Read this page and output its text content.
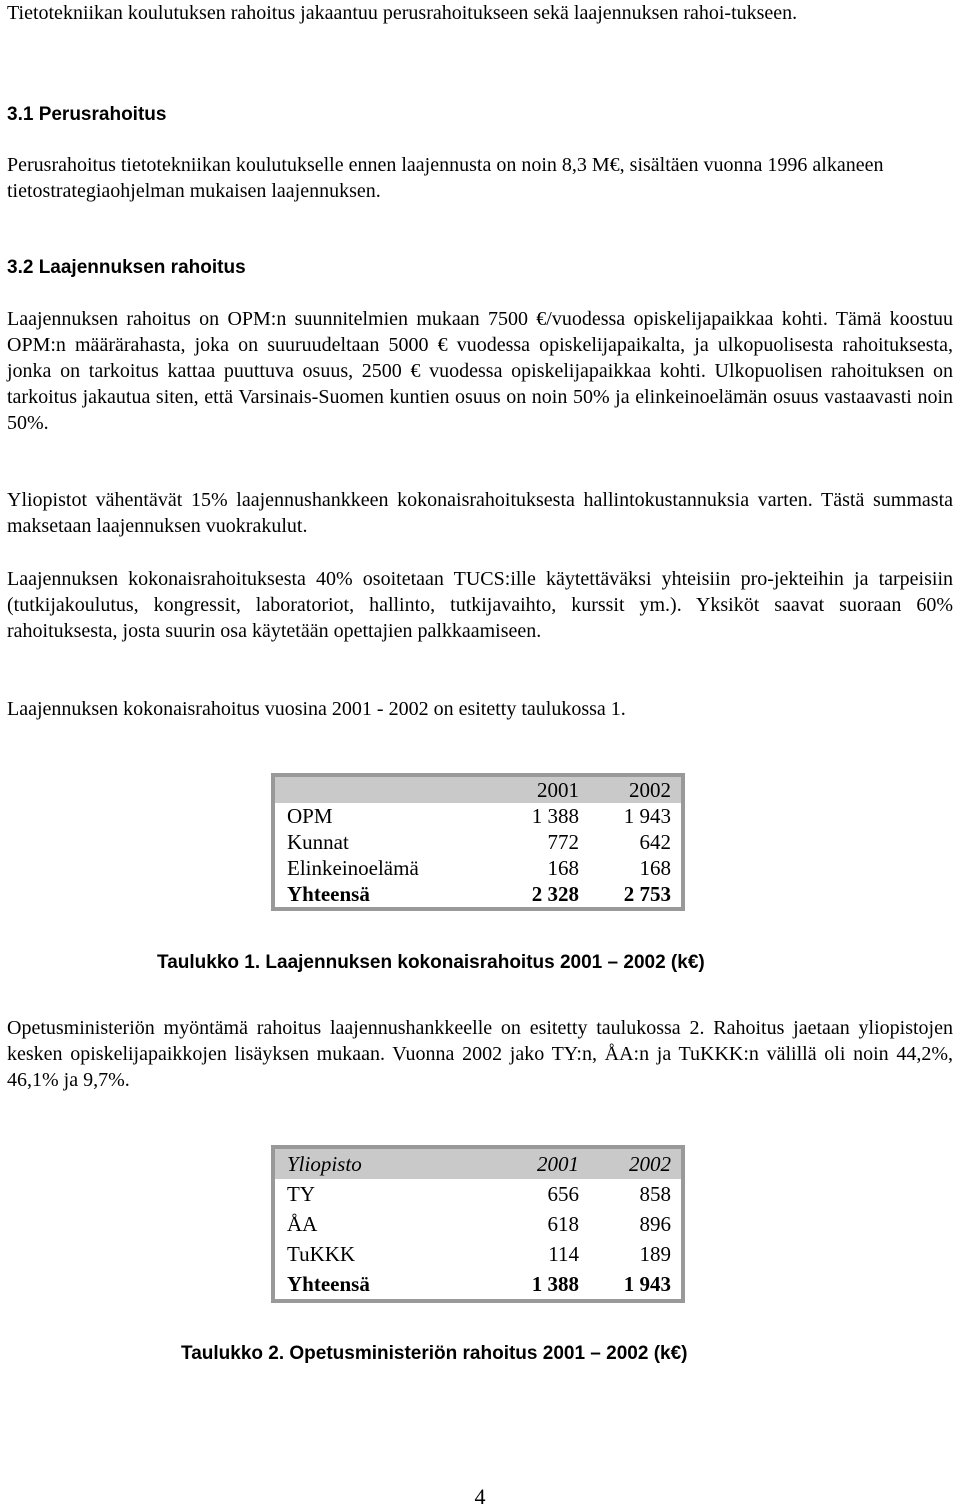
Tietotekniikan koulutuksen rahoitus jakaantuu perusrahoitukseen sekä laajennuksen rahoi-tukseen.

3.1 Perusrahoitus

Perusrahoitus tietotekniikan koulutukselle ennen laajennusta on noin 8,3 M€, sisältäen vuonna 1996 alkaneen tietostrategiaohjelman mukaisen laajennuksen.

3.2 Laajennuksen rahoitus

Laajennuksen rahoitus on OPM:n suunnitelmien mukaan 7500 €/vuodessa opiskelijapaikkaa kohti. Tämä koostuu OPM:n määrärahasta, joka on suuruudeltaan 5000 € vuodessa opiskelijapaikalta, ja ulkopuolisesta rahoituksesta, jonka on tarkoitus kattaa puuttuva osuus, 2500 € vuodessa opiskelijapaikkaa kohti. Ulkopuolisen rahoituksen on tarkoitus jakautua siten, että Varsinais-Suomen kuntien osuus on noin 50% ja elinkeinoelämän osuus vastaavasti noin 50%.

Yliopistot vähentävät 15% laajennushankkeen kokonaisrahoituksesta hallintokustannuksia varten. Tästä summasta maksetaan laajennuksen vuokrakulut.

Laajennuksen kokonaisrahoituksesta 40% osoitetaan TUCS:ille käytettäväksi yhteisiin pro-jekteihin ja tarpeisiin (tutkijakoulutus, kongressit, laboratoriot, hallinto, tutkijavaihto, kurssit ym.). Yksiköt saavat suoraan 60% rahoituksesta, josta suurin osa käytetään opettajien palkkaamiseen.

Laajennuksen kokonaisrahoitus vuosina 2001 - 2002 on esitetty taulukossa 1.

	2001	2002
OPM	1 388	1 943
Kunnat	772	642
Elinkeinoelämä	168	168
Yhteensä	2 328	2 753

Taulukko 1. Laajennuksen kokonaisrahoitus 2001 – 2002 (k€)

Opetusministeriön myöntämä rahoitus laajennushankkeelle on esitetty taulukossa 2. Rahoitus jaetaan yliopistojen kesken opiskelijapaikkojen lisäyksen mukaan. Vuonna 2002 jako TY:n, ÅA:n ja TuKKK:n välillä oli noin 44,2%, 46,1% ja 9,7%.

Yliopisto	2001	2002
TY	656	858
ÅA	618	896
TuKKK	114	189
Yhteensä	1 388	1 943

Taulukko 2. Opetusministeriön rahoitus 2001 – 2002 (k€)

4
